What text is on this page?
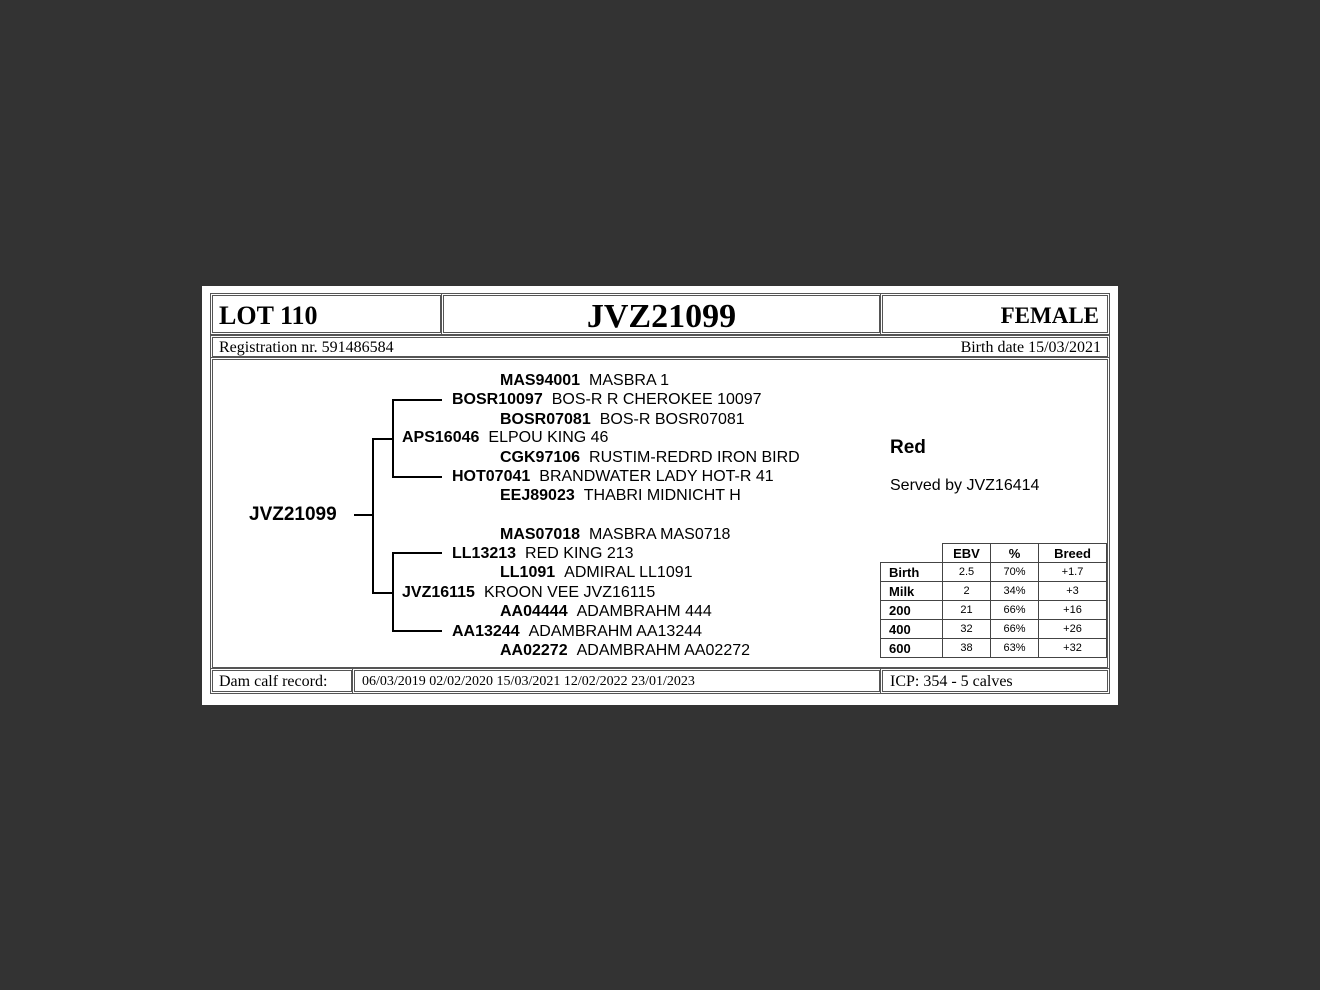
LOT 110	JVZ21099	FEMALE
Registration nr. 591486584	Birth date 15/03/2021
JVZ21099
MAS94001 MASBRA 1
BOSR10097 BOS-R R CHEROKEE 10097
BOSR07081 BOS-R BOSR07081
APS16046 ELPOU KING 46
CGK97106 RUSTIM-REDRD IRON BIRD
HOT07041 BRANDWATER LADY HOT-R 41
EEJ89023 THABRI MIDNICHT H
MAS07018 MASBRA MAS0718
LL13213 RED KING 213
LL1091 ADMIRAL LL1091
JVZ16115 KROON VEE JVZ16115
AA04444 ADAMBRAHM 444
AA13244 ADAMBRAHM AA13244
AA02272 ADAMBRAHM AA02272
Red
Served by JVZ16414
	EBV	%	Breed
Birth	2.5	70%	+1.7
Milk	2	34%	+3
200	21	66%	+16
400	32	66%	+26
600	38	63%	+32
Dam calf record: 06/03/2019 02/02/2020 15/03/2021 12/02/2022 23/01/2023	ICP: 354 - 5 calves
